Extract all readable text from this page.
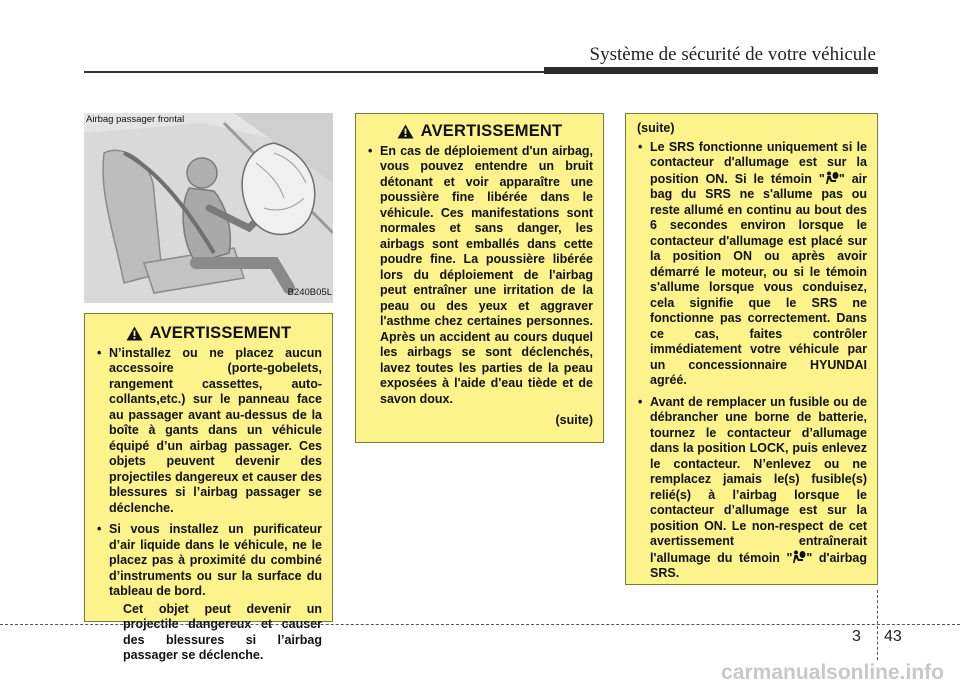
Système de sécurité de votre véhicule
Airbag passager frontal
B240B05L
AVERTISSEMENT
• N’installez ou ne placez aucun accessoire (porte-gobelets, rangement cassettes, auto-collants,etc.) sur le panneau face au passager avant au-dessus de la boîte à gants dans un véhicule équipé d’un airbag passager. Ces objets peuvent devenir des projectiles dangereux et causer des blessures si l’airbag passager se déclenche.
• Si vous installez un purificateur d’air liquide dans le véhicule, ne le placez pas à proximité du combiné d’instruments ou sur la surface du tableau de bord.
Cet objet peut devenir un projectile dangereux et causer des blessures si l’airbag passager se déclenche.
AVERTISSEMENT
• En cas de déploiement d'un airbag, vous pouvez entendre un bruit détonant et voir apparaître une poussière fine libérée dans le véhicule. Ces manifestations sont normales et sans danger, les airbags sont emballés dans cette poudre fine. La poussière libérée lors du déploiement de l'airbag peut entraîner une irritation de la peau ou des yeux et aggraver l'asthme chez certaines personnes. Après un accident au cours duquel les airbags se sont déclenchés, lavez toutes les parties de la peau exposées à l'aide d'eau tiède et de savon doux.
(suite)
(suite)
• Le SRS fonctionne uniquement si le contacteur d'allumage est sur la position ON. Si le témoin " " air bag du SRS ne s'allume pas ou reste allumé en continu au bout des 6 secondes environ lorsque le contacteur d'allumage est placé sur la position ON ou après avoir démarré le moteur, ou si le témoin s'allume lorsque vous conduisez, cela signifie que le SRS ne fonctionne pas correctement. Dans ce cas, faites contrôler immédiatement votre véhicule par un concessionnaire HYUNDAI agréé.
• Avant de remplacer un fusible ou de débrancher une borne de batterie, tournez le contacteur d’allumage dans la position LOCK, puis enlevez le contacteur. N’enlevez ou ne remplacez jamais le(s) fusible(s) relié(s) à l’airbag lorsque le contacteur d’allumage est sur la position ON. Le non-respect de cet avertissement entraînerait l'allumage du témoin " " d'airbag SRS.
3 43
carmanualsonline.info
